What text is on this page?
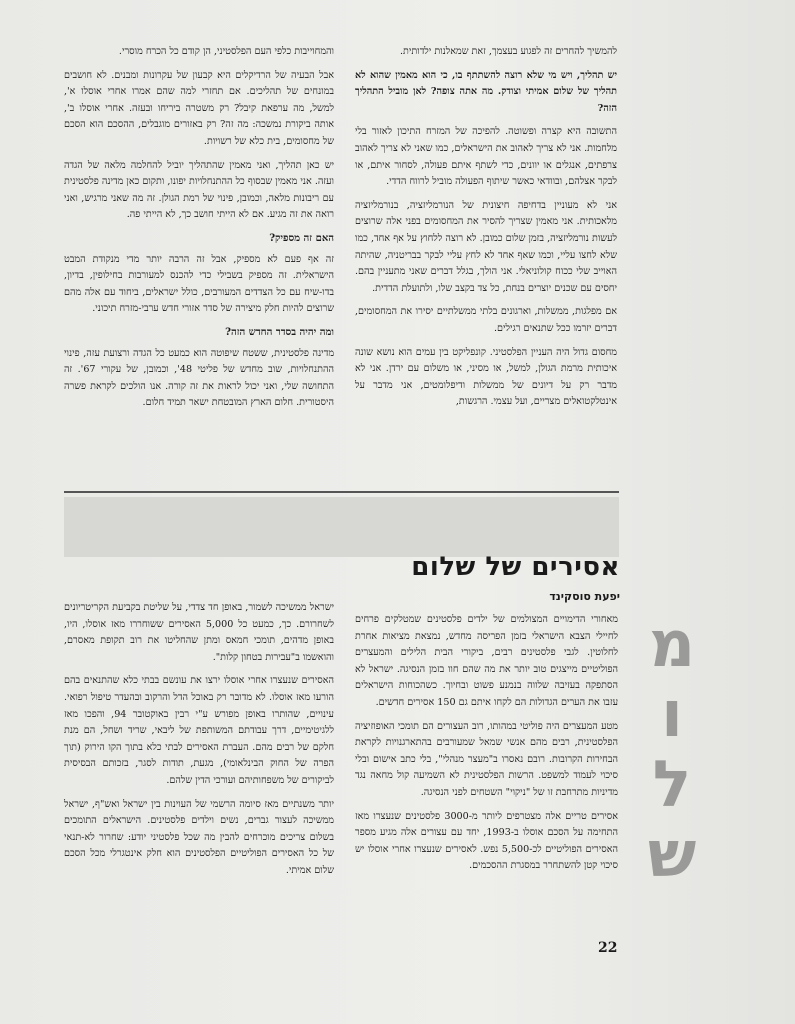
להמשיך להחרים זה לפגוע בעצמך, זאת שמאלנות ילדותית.

יש תהליך, ויש מי שלא רוצה להשתתף בו, כי הוא מאמין שהוא לא תהליך של שלום אמיתי וצודק. מה אתה צופה? לאן מוביל התהליך הזה?

התשובה היא קצרה ופשוטה. להפיכה של המזרח התיכון לאזור בלי מלחמות. אני לא צריך לאהוב את הישראלים, כמו שאני לא צריך לאהוב צרפתים, אנגלים או יוונים, כדי לשתף איתם פעולה, לסחור איתם, או לבקר אצלהם, ובוודאי כאשר שיתוף הפעולה מוביל לרווח הדדי.

אני לא מעוניין בדחיפה חיצונית של הנורמליזציה, בנורמליזציה מלאכותית. אני מאמין שצריך להסיר את המחסומים בפני אלה שרוצים לעשות נורמליזציה, בזמן שלום כמובן. לא רוצה ללחוץ על אף אחד, כמו שלא לחצו עליי, וכמו שאף אחד לא לחץ עליי לבקר בבריטניה, שהיתה האוייב שלי ככוח קולוניאלי. אני הולך, בגלל דברים שאני מתעניין בהם. יחסים עם שכנים יוצרים בנחת, כל צד בקצב שלו, ולתועלת הדדית.

אם מפלגות, ממשלות, וארגונים בלתי ממשלתיים יסירו את המחסומים, דברים יזרמו ככל שתנאים רגילים.

מחסום גדול היה העניין הפלסטיני. קונפליקט בין עמים הוא נושא שונה איכותית מרמת הגולן, למשל, או מסיני, או משלום עם ירדן. אני לא מדבר רק על דיונים של ממשלות ודיפלומטים, אני מדבר על אינטלקטואלים מצריים, ועל עצמי. הרגשות,

והמחוייבות כלפי העם הפלסטיני, הן קודם כל הכרח מוסרי.

אבל הבעיה של הרדיקלים היא קבעון של עקרונות ומבנים. לא חושבים במונחים של תהליכים. אם תחזרי למה שהם אמרו אחרי אוסלו א', למשל, מה ערפאת קיבל? רק משטרה ביריחו ובעזה. אחרי אוסלו ב', אותה ביקורת נמשכה: מה זה? רק באזורים מוגבלים, ההסכם הוא הסכם של מחסומים, בית כלא של רשויות.

יש כאן תהליך, ואני מאמין שהתהליך יוביל להחלמה מלאה של הגדה ועזה. אני מאמין שבסוף כל ההתנחלויות יפונו, ותקום כאן מדינה פלסטינית עם ריבונות מלאה, וכמובן, פינוי של רמת הגולן. זה מה שאני מרגיש, ואני רואה את זה מגיע. אם לא הייתי חושב כך, לא הייתי פה.

האם זה מספיק?

זה אף פעם לא מספיק, אבל זה הרבה יותר מדי מנקודת המבט הישראלית. זה מספיק בשבילי כדי להכנס למעורבות בחילופין, בדיון, בדו-שיח עם כל הצדדים המעורבים, כולל ישראלים, ביחוד עם אלה מהם שרוצים להיות חלק מיצירה של סדר אזורי חדש ערבי-מזרח תיכוני.

ומה יהיה בסדר החדש הזה?

מדינה פלסטינית, ששטח שיפוטה הוא כמעט כל הגדה ורצועת עזה, פינוי ההתנחלויות, שוב מחדש של פליטי 48', וכמובן, של עקורי 67'. זה התחושה שלי, ואני יכול לראות את זה קורה. אנו הולכים לקראת פשרה היסטורית. חלום הארץ המובטחת ישאר תמיד חלום.

אסירים של שלום
יפעת סוסקינד

מאחורי הדימויים המצולמים של ילדים פלסטינים שמטלקים פרחים לחיילי הצבא הישראלי בזמן הפריסה מחדש, נמצאת מציאות אחרת לחלוטין. לגבי פלסטינים רבים, ביקורי הבית הלילים והמעצרים הפוליטיים מייצגים טוב יותר את מה שהם חוו בזמן הנסיגה. ישראל לא הסתפקה בעזיבה שלווה בנמנע פשוט ובחיוך. כשהכוחות הישראלים עזבו את הערים הגדולות הם לקחו איתם גם 150 אסירים חדשים.

מטע המעצרים היה פוליטי במהותו, רוב העצורים הם תומכי האופוזיציה הפלסטינית, רבים מהם אנשי שמאל שמעורבים בהתארגנויות לקראת הבחירות הקרובות. רובם נאסרו ב"מעצר מנהלי", בלי כתב אישום ובלי סיכוי לעמוד למשפט. הרשות הפלסטינית לא השמיעה קול מחאה נגד מדיניות מתרחבת זו של "ניקוי" השטחים לפני הנסיגה.

אסירים טריים אלה מצטרפים ליותר מ-3000 פלסטינים שנעצרו מאז התחימה על הסכם אוסלו ב-1993, יחד עם עצורים אלה מגיע מספר האסירים הפוליטיים לכ-5,500 נפש. לאסירים שנעצרו אחרי אוסלו יש סיכוי קטן להשתחרר במסגרת ההסכמים.

ישראל ממשיכה לשמור, באופן חד צדדי, על שליטת בקביעת הקריטריונים לשחרורם. כך, כמעט כל 5,000 האסירים ששוחררו מאז אוסלו, היו, באופן מדהים, תומכי חמאס ומתן שהחליטו את רוב תקופת מאסרם, והואשמו ב"עבירות בטחון קלות".

האסירים שנעצרו אחרי אוסלו ירצו את עונשם בבתי כלא שהתנאים בהם הורעו מאז אוסלו. לא מדובר רק באוכל הדל והרקוב ובהעדר טיפול רפואי. עינויים, שהותרו באופן מפורש ע"י רבין באוקטובר 94, והפכו מאז ללגיטימיים, דרך עבודתם המשותפת של ליבאי, שריד ושחל, הם מנת חלקם של רבים מהם. העברת האסירים לבתי כלא בתוך הקו הירוק (תוך הפרה של החוק הבינלאומי), מגעת, תודות לסגר, בזכותם הבסיסית לביקורים של משפחותיהם ועורכי הדין שלהם.

יותר משנתיים מאז סיומה הרשמי של העוינות בין ישראל ואש"ף, ישראל ממשיכה לעצור גברים, נשים וילדים פלסטינים. הישראלים התומכים בשלום צריכים מוכרחים להבין מה שכל פלסטיני יודע: שחרור לא-תנאי של כל האסירים הפוליטיים הפלסטינים הוא חלק אינטגרלי מכל הסכם שלום אמיתי.

מ
ו
ל
ש
22
